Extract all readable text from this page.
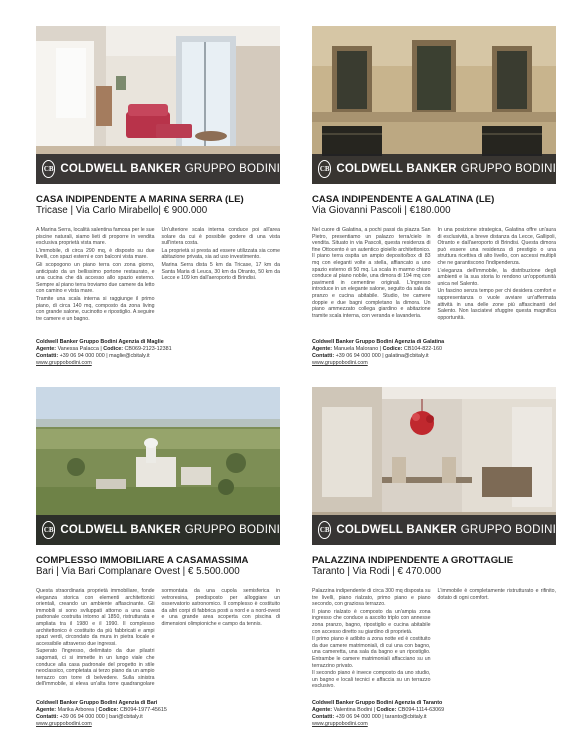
CB COLDWELL BANKER GRUPPO BODINI
CASA INDIPENDENTE A MARINA SERRA (LE)
Tricase | Via Carlo Mirabello| € 900.000

A Marina Serra, località salentina famosa per le sue piscine naturali, siamo lieti di proporre in vendita esclusiva proprietà vista mare.

L'immobile, di circa 290 mq, è disposto su due livelli, con spazi esterni e con balconi vista mare.

Gli scopogono un piano terra con zona giorno, anticipato da un bellissimo portone restaurato, e una cucina che dà accesso allo spazio esterno. Sempre al piano terra troviamo due camere da letto con camino e vista mare.

Tramite una scala interna si raggiunge il primo piano, di circa 140 mq, composto da zona living con grande salone, cucinotto e ripostiglio. A seguire tre camere e un bagno.

Un'ulteriore scala interna conduce poi all'area solare da cui è possibile godere di una vista sull'intera costa.

La proprietà si presta ad essere utilizzata sia come abitazione privata, sia ad uso investimento.

Marina Serra dista 5 km da Tricase, 17 km da Santa Maria di Leuca, 30 km da Otranto, 50 km da Lecce e 109 km dall'aeroporto di Brindisi.

Coldwell Banker Gruppo Bodini Agenzia di Maglie
Agente: Vanessa Palacca | Codice: CB069-2123-12381
Contatti: +39 06 94 000 000 | maglie@cbitaly.it
www.gruppobodini.com
CB COLDWELL BANKER GRUPPO BODINI
CASA INDIPENDENTE A GALATINA (LE)
Via Giovanni Pascoli | €180.000

Nel cuore di Galatina, a pochi passi da piazza San Pietro, presentiamo un palazzo terra/cielo in vendita. Situato in via Pascoli, questa residenza di fine Ottocento è un autentico gioiello architettonico. Il piano terra ospita un ampio deposito/box di 83 mq con eleganti volte a stella, affiancato a uno spazio esterno di 50 mq. La scala in marmo chiaro conduce al piano nobile, una dimora di 194 mq con pavimenti in cementine originali. L'ingresso introduce in un elegante salone, seguito da sala da pranzo e cucina abitabile. Studio, tre camere doppie e due bagni completano la dimora. Un piano ammezzato collega giardino e abitazione tramite scala interna, con veranda e lavanderia.

In una posizione strategica, Galatina offre un'aura di esclusività, a breve distanza da Lecce, Gallipoli, Otranto e dall'aeroporto di Brindisi. Questa dimora può essere una residenza di prestigio o una struttura ricettiva di alto livello, con accessi multipli che ne garantiscono l'indipendenza.

L'eleganza dell'immobile, la distribuzione degli ambienti e la sua storia lo rendono un'opportunità unica nel Salento.

Un fascino senza tempo per chi desidera comfort e rappresentanza o vuole avviare un'affermata attività in una delle zone più affascinanti del Salento. Non lasciatevi sfuggire questa magnifica opportunità.

Coldwell Banker Gruppo Bodini Agenzia di Galatina
Agente: Manuela Malorano | Codice: CB104-822-160
Contatti: +39 06 94 000 000 | galatina@cbitaly.it
www.gruppobodini.com
CB COLDWELL BANKER GRUPPO BODINI
COMPLESSO IMMOBILIARE A CASAMASSIMA
Bari | Via Bari Complanare Ovest | € 5.500.000

Questa straordinaria proprietà immobiliare, fonde eleganza storica con elementi architettonici orientali, creando un ambiente affascinante. Gli immobili si sono sviluppati attorno a una casa padronale costruita intorno al 1850, ristrutturata e ampliata tra il 1980 e il 1990. Il complesso architettonico è costituito da più fabbricati e ampi spazi verdi, circondato da mura in pietra locale e accessibile attraverso due ingressi.

Superato l'ingresso, delimitato da due pilastri sagomati, ci si immette in un lungo viale che conduce alla casa padronale del progetto in stile neoclassico, completata ai terzo piano da un ampio terrazzo con torre di belvedere. Sulla sinistra dell'immobile, si eleva un'alta torre quadrangolare sormontata da una cupola semisferica in vetroresina, predisposto per alloggiare un osservatorio astronomico. Il complesso è costituito da altri corpi di fabbrica posti a nord e a nord-ovest e una grande area scoperta con piscina di dimensioni olimpioniche e campo da tennis.

Coldwell Banker Gruppo Bodini Agenzia di Bari
Agente: Marika Arborea | Codice: CB094-1977-45615
Contatti: +39 06 94 000 000 | bari@cbitaly.it
www.gruppobodini.com
CB COLDWELL BANKER GRUPPO BODINI
PALAZZINA INDIPENDENTE A GROTTAGLIE
Taranto | Via Rodi | € 470.000

Palazzina indipendente di circa 300 mq disposta su tre livelli, piano rialzato, primo piano e piano secondo, con graziosa terrazzo.

Il piano rialzato è composto da un'ampia zona ingresso che conduce a ascolto triplo con annesse zona pranzo, bagno, ripostiglio e cucina abitabile con accesso diretto su giardino di proprietà.

Il primo piano è adibito a zona notte ed è costituito da due camere matrimoniali, di cui una con bagno, una cameretta, una sala da bagno e un ripostiglio. Entrambe le camere matrimoniali affacciano su un terrazzino privato.

Il secondo piano è invece composto da uno studio, un bagno e locali tecnici e affaccia su un terrazzo esclusivo.

L'immobile è completamente ristrutturato e rifinito, dotato di ogni comfort.

Coldwell Banker Gruppo Bodini Agenzia di Taranto
Agente: Valentina Bodini | Codice: CB094-1114-63069
Contatti: +39 06 94 000 000 | taranto@cbitaly.it
www.gruppobodini.com
